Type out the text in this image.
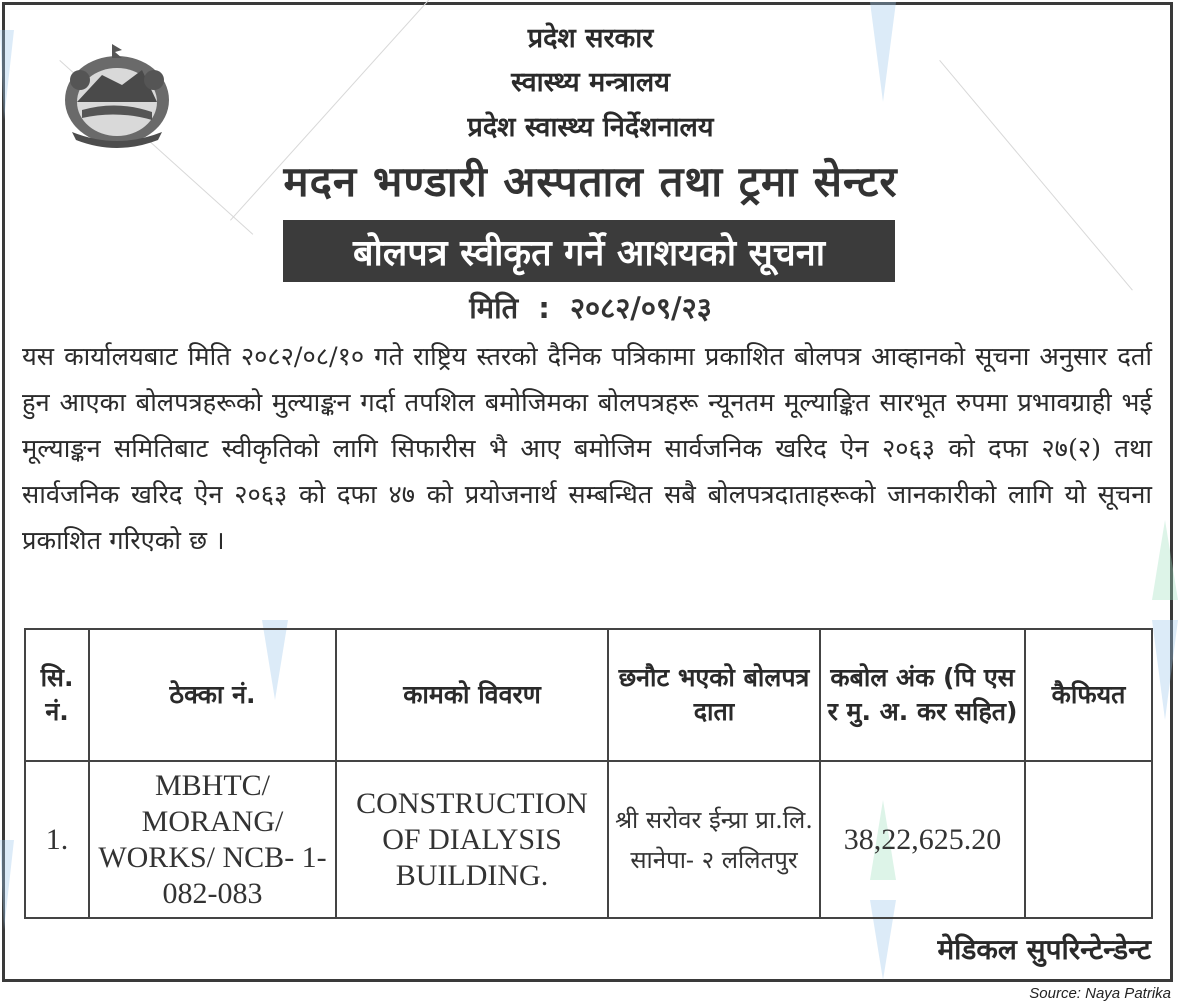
प्रदेश सरकार
स्वास्थ्य मन्त्रालय
प्रदेश स्वास्थ्य निर्देशनालय
मदन भण्डारी अस्पताल तथा ट्रमा सेन्टर
बोलपत्र स्वीकृत गर्ने आशयको सूचना
मिति : २०८२/०९/२३
यस कार्यालयबाट मिति २०८२/०८/१० गते राष्ट्रिय स्तरको दैनिक पत्रिकामा प्रकाशित बोलपत्र आव्हानको सूचना अनुसार दर्ता हुन आएका बोलपत्रहरूको मुल्याङ्कन गर्दा तपशिल बमोजिमका बोलपत्रहरू न्यूनतम मूल्याङ्कित सारभूत रुपमा प्रभावग्राही भई मूल्याङ्कन समितिबाट स्वीकृतिको लागि सिफारीस भै आए बमोजिम सार्वजनिक खरिद ऐन २०६३ को दफा २७(२) तथा सार्वजनिक खरिद ऐन २०६३ को दफा ४७ को प्रयोजनार्थ सम्बन्धित सबै बोलपत्रदाताहरूको जानकारीको लागि यो सूचना प्रकाशित गरिएको छ ।
सि. नं.	ठेक्का नं.	कामको विवरण	छनौट भएको बोलपत्र दाता	कबोल अंक (पि एस र मु. अ. कर सहित)	कैफियत
1.	MBHTC/ MORANG/ WORKS/ NCB- 1-082-083	CONSTRUCTION OF DIALYSIS BUILDING.	श्री सरोवर ईन्प्रा प्रा.लि. सानेपा- २ ललितपुर	38,22,625.20	
मेडिकल सुपरिन्टेन्डेन्ट
Source: Naya Patrika
